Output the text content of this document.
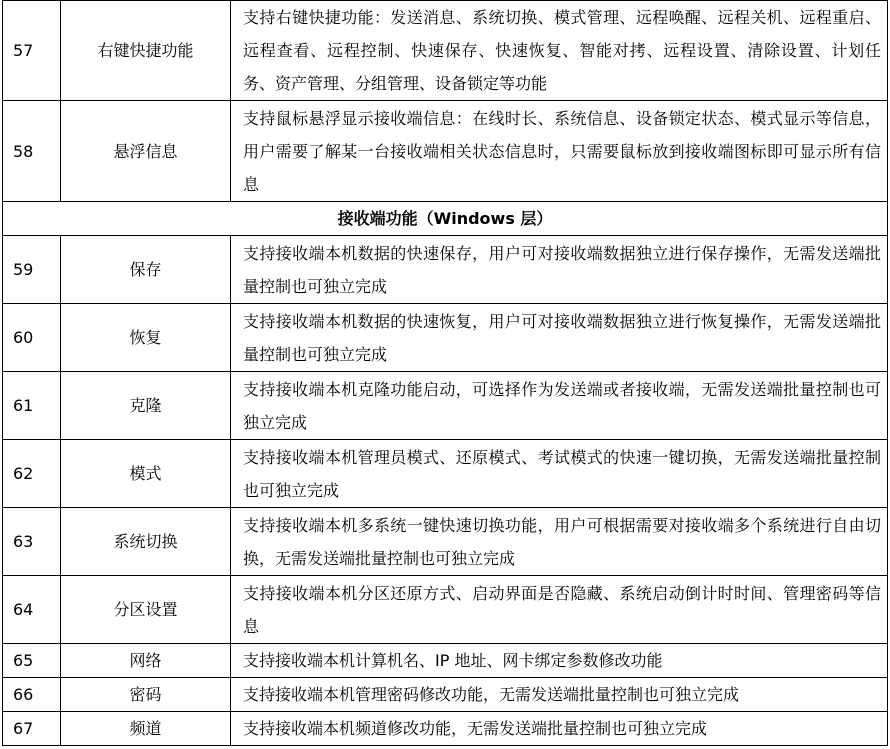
57	右键快捷功能	支持右键快捷功能：发送消息、系统切换、模式管理、远程唤醒、远程关机、远程重启、远程查看、远程控制、快速保存、快速恢复、智能对拷、远程设置、清除设置、计划任务、资产管理、分组管理、设备锁定等功能
58	悬浮信息	支持鼠标悬浮显示接收端信息：在线时长、系统信息、设备锁定状态、模式显示等信息，用户需要了解某一台接收端相关状态信息时，只需要鼠标放到接收端图标即可显示所有信息
接收端功能（Windows 层）		
59	保存	支持接收端本机数据的快速保存，用户可对接收端数据独立进行保存操作，无需发送端批量控制也可独立完成
60	恢复	支持接收端本机数据的快速恢复，用户可对接收端数据独立进行恢复操作，无需发送端批量控制也可独立完成
61	克隆	支持接收端本机克隆功能启动，可选择作为发送端或者接收端，无需发送端批量控制也可独立完成
62	模式	支持接收端本机管理员模式、还原模式、考试模式的快速一键切换，无需发送端批量控制也可独立完成
63	系统切换	支持接收端本机多系统一键快速切换功能，用户可根据需要对接收端多个系统进行自由切换，无需发送端批量控制也可独立完成
64	分区设置	支持接收端本机分区还原方式、启动界面是否隐藏、系统启动倒计时时间、管理密码等信息
65	网络	支持接收端本机计算机名、IP 地址、网卡绑定参数修改功能
66	密码	支持接收端本机管理密码修改功能，无需发送端批量控制也可独立完成
67	频道	支持接收端本机频道修改功能，无需发送端批量控制也可独立完成
